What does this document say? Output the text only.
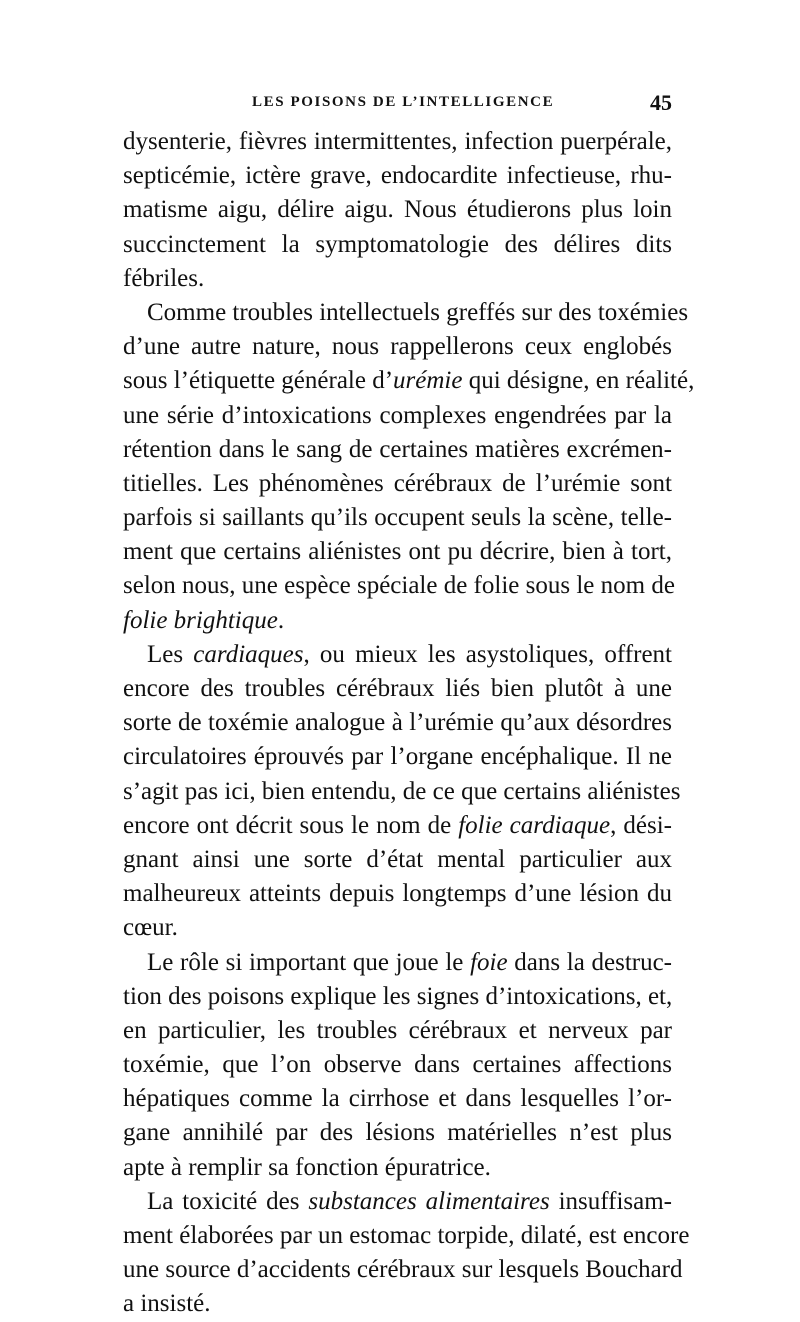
LES POISONS DE L’INTELLIGENCE	45
dysenterie, fièvres intermittentes, infection puerpérale,
septicémie, ictère grave, endocardite infectieuse, rhu-
matisme aigu, délire aigu. Nous étudierons plus loin
succinctement la symptomatologie des délires dits
fébriles.
Comme troubles intellectuels greffés sur des toxémies
d’une autre nature, nous rappellerons ceux englobés
sous l’étiquette générale d’urémie qui désigne, en réalité,
une série d’intoxications complexes engendrées par la
rétention dans le sang de certaines matières excrémen-
titielles. Les phénomènes cérébraux de l’urémie sont
parfois si saillants qu’ils occupent seuls la scène, telle-
ment que certains aliénistes ont pu décrire, bien à tort,
selon nous, une espèce spéciale de folie sous le nom de
folie brightique.
Les cardiaques, ou mieux les asystoliques, offrent
encore des troubles cérébraux liés bien plutôt à une
sorte de toxémie analogue à l’urémie qu’aux désordres
circulatoires éprouvés par l’organe encéphalique. Il ne
s’agit pas ici, bien entendu, de ce que certains aliénistes
encore ont décrit sous le nom de folie cardiaque, dési-
gnant ainsi une sorte d’état mental particulier aux
malheureux atteints depuis longtemps d’une lésion du
cœur.
Le rôle si important que joue le foie dans la destruc-
tion des poisons explique les signes d’intoxications, et,
en particulier, les troubles cérébraux et nerveux par
toxémie, que l’on observe dans certaines affections
hépatiques comme la cirrhose et dans lesquelles l’or-
gane annihilé par des lésions matérielles n’est plus
apte à remplir sa fonction épuratrice.
La toxicité des substances alimentaires insuffisam-
ment élaborées par un estomac torpide, dilaté, est encore
une source d’accidents cérébraux sur lesquels Bouchard
a insisté.
